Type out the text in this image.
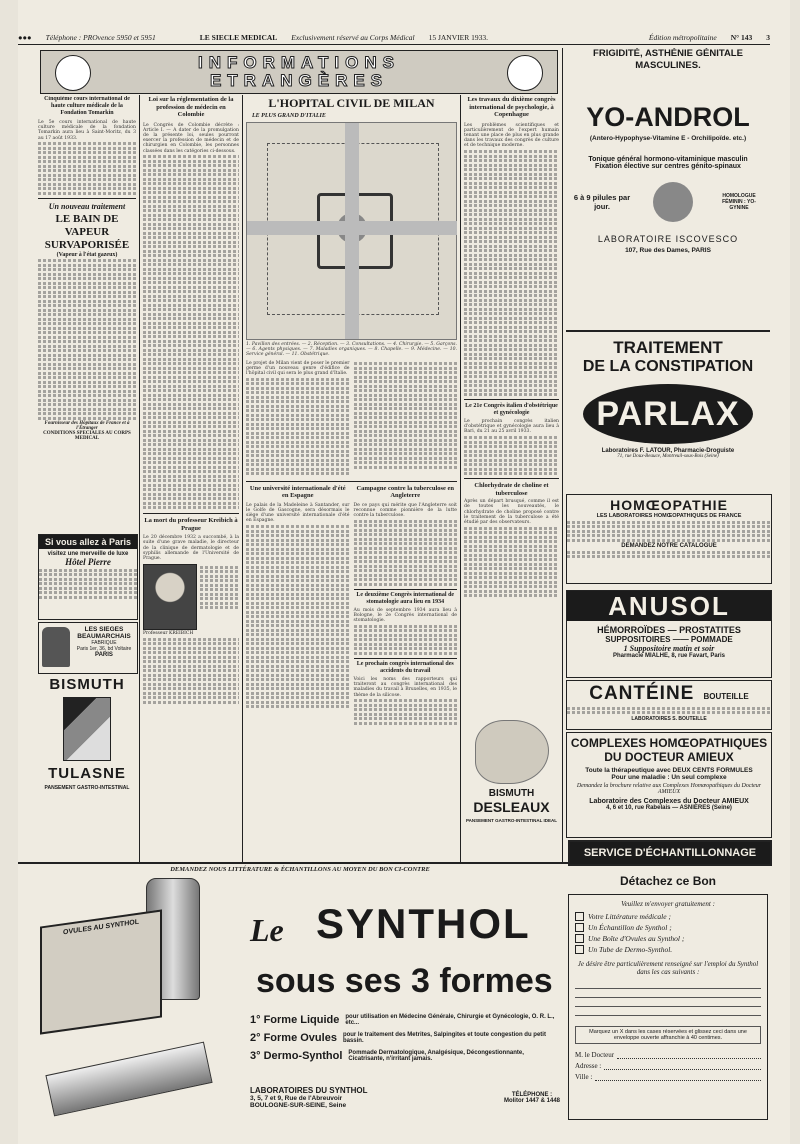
●●● Téléphone : PROvence 5950 et 5951	LE SIECLE MEDICAL Exclusivement réservé au Corps Médical 15 JANVIER 1933.	Édition métropolitaine N° 143 3
INFORMATIONS
ETRANGÈRES
Cinquième cours international de haute culture médicale de la Fondation Tomarkin
Le 5e cours international de haute culture médicale de la fondation Tomarkin aura lieu à Saint-Moritz, du 3 au 17 août 1933.
Un nouveau traitement
LE BAIN DE VAPEUR SURVAPORISÉE
(Vapeur à l'état gazeux)
Fournisseur des Hôpitaux de France et à l'Étranger
CONDITIONS SPECIALES AU CORPS MEDICAL
Si vous allez à Paris
visitez une merveille de luxe
Hôtel Pierre
LES SIEGES BEAUMARCHAIS
FABRIQUE
Paris 1er, 36, bd Voltaire
PARIS
BISMUTH
TULASNE
PANSEMENT GASTRO-INTESTINAL
Loi sur la réglementation de la profession de médecin en Colombie
Le Congrès de Colombie décrète : Article I. — A dater de la promulgation de la présente loi, seules pourront exercer la profession de médecin et de chirurgien en Colombie, les personnes classées dans les catégories ci-dessous.
La mort du professeur Kreibich à Prague
Le 20 décembre 1932 a succombé, à la suite d'une grave maladie, le directeur de la clinique de dermatologie et de syphilis allemande de l'Université de Prague.
Professeur KREIBICH
L'HOPITAL CIVIL DE MILAN
LE PLUS GRAND D'ITALIE
1. Pavillon des entrées. — 2. Réception. — 3. Consultations. — 4. Chirurgie. — 5. Garçons. — 6. Agents physiques. — 7. Maladies organiques. — 8. Chapelle. — 9. Médecine. — 10. Service général. — 11. Obstétrique.
Le projet de Milan vient de poser le premier germe d'un nouveau genre d'édifice de l'hôpital civil qui sera le plus grand d'Italie.
Une université internationale d'été en Espagne
Le palais de la Madeleine à Santander, sur le Golfe de Gascogne, sera désormais le siège d'une université internationale d'été en Espagne.
Campagne contre la tuberculose en Angleterre
De ce pays qui mérite que l'Angleterre soit reconnue comme pionnière de la lutte contre la tuberculose.
Le deuxième Congrès international de stomatologie aura lieu en 1934
Au mois de septembre 1934 aura lieu à Bologne, le 2e Congrès international de stomatologie.
Le prochain congrès international des accidents du travail
Voici les noms des rapporteurs qui traiteront au congrès international des maladies du travail à Bruxelles, en 1935, le thème de la silicose.
Les travaux du dixième congrès international de psychologie, à Copenhague
Les problèmes scientifiques et particulièrement de l'expert humain tenant une place de plus en plus grande dans les travaux des congrès de culture et de technique moderne.
Le 21e Congrès italien d'obstétrique et gynécologie
Le prochain congrès italien d'obstétrique et gynécologie aura lieu à Bari, du 21 au 25 avril 1933.
Chlorhydrate de choline et tuberculose
Après un départ brusqué, comme il est de toutes les nouveautés, le chlorhydrate de choline proposé contre le traitement de la tuberculose a été étudié par des observateurs.
BISMUTH
DESLEAUX
PANSEMENT GASTRO-INTESTINAL IDEAL
FRIGIDITÉ, ASTHÉNIE GÉNITALE MASCULINES.
YO-ANDROL
(Antero-Hypophyse-Vitamine E - Orchilipoïde. etc.)
Tonique général hormono-vitaminique masculin Fixation élective sur centres génito-spinaux
6 à 9 pilules par jour.
HOMOLOGUE FÉMININ : YO-GYNINE
LABORATOIRE ISCOVESCO
107, Rue des Dames, PARIS
TRAITEMENT
DE LA CONSTIPATION
PARLAX
Laboratoires F. LATOUR, Pharmacie-Droguiste
71, rue Doux-Beauce, Montreuil-sous-Bois (Seine)
HOMŒOPATHIE
LES LABORATOIRES HOMŒOPATHIQUES DE FRANCE
DEMANDEZ NOTRE CATALOGUE
ANUSOL
HÉMORROÏDES — PROSTATITES
SUPPOSITOIRES —— POMMADE
1 Suppositoire matin et soir
Pharmacie MIALHE, 8, rue Favart, Paris
CANTÉINE BOUTEILLE
LABORATOIRES S. BOUTEILLE
COMPLEXES HOMŒOPATHIQUES
DU DOCTEUR AMIEUX
Toute la thérapeutique avec DEUX CENTS FORMULES
Pour une maladie : Un seul complexe
Demandez la brochure relative aux Complexes Homœopathiques du Docteur AMIEUX
Laboratoire des Complexes du Docteur AMIEUX
4, 6 et 10, rue Rabelais — ASNIÈRES (Seine)
SERVICE D'ÉCHANTILLONNAGE
DEMANDEZ NOUS LITTÉRATURE & ÉCHANTILLONS AU MOYEN DU BON CI-CONTRE
OVULES AU SYNTHOL	Le SYNTHOL
sous ses 3 formes
1° Forme Liquide pour utilisation en Médecine Générale, Chirurgie et Gynécologie, O. R. L., etc...
2° Forme Ovules pour le traitement des Metrites, Salpingites et toute congestion du petit bassin.
3° Dermo-Synthol Pommade Dermatologique, Analgésique, Décongestionnante, Cicatrisante, n'irritant jamais.
LABORATOIRES DU SYNTHOL
3, 5, 7 et 9, Rue de l'Abreuvoir
BOULOGNE-SUR-SEINE, Seine
TÉLÉPHONE :
Molitor 1447 & 1448
Détachez ce Bon
Veuillez m'envoyer gratuitement :
Votre Littérature médicale ;
Un Échantillon de Synthol ;
Une Boîte d'Ovules au Synthol ;
Un Tube de Dermo-Synthol.
Je désire être particulièrement renseigné sur l'emploi du Synthol dans les cas suivants :
Marquez un X dans les cases réservées et glissez ceci dans une enveloppe ouverte affranchie à 40 centimes.
M. le Docteur
Adresse :
Ville :
